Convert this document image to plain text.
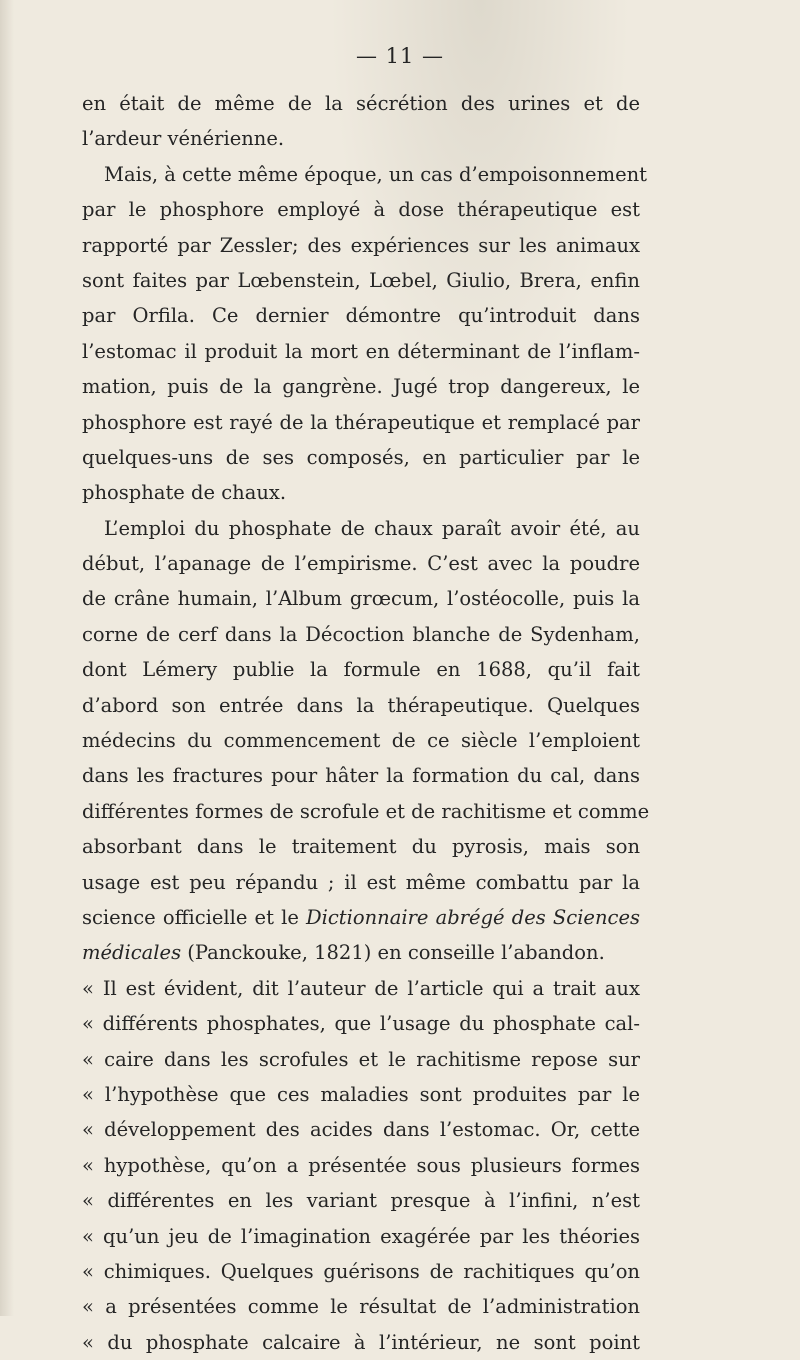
— 11 —
en était de même de la sécrétion des urines et de
l’ardeur vénérienne.
Mais, à cette même époque, un cas d’empoisonnement
par le phosphore employé à dose thérapeutique est
rapporté par Zessler; des expériences sur les animaux
sont faites par Lœbenstein, Lœbel, Giulio, Brera, enfin
par Orfila. Ce dernier démontre qu’introduit dans
l’estomac il produit la mort en déterminant de l’inflam-
mation, puis de la gangrène. Jugé trop dangereux, le
phosphore est rayé de la thérapeutique et remplacé par
quelques-uns de ses composés, en particulier par le
phosphate de chaux.
L’emploi du phosphate de chaux paraît avoir été, au
début, l’apanage de l’empirisme. C’est avec la poudre
de crâne humain, l’Album grœcum, l’ostéocolle, puis la
corne de cerf dans la Décoction blanche de Sydenham,
dont Lémery publie la formule en 1688, qu’il fait
d’abord son entrée dans la thérapeutique. Quelques
médecins du commencement de ce siècle l’emploient
dans les fractures pour hâter la formation du cal, dans
différentes formes de scrofule et de rachitisme et comme
absorbant dans le traitement du pyrosis, mais son
usage est peu répandu ; il est même combattu par la
science officielle et le Dictionnaire abrégé des Sciences
médicales (Panckouke, 1821) en conseille l’abandon.
« Il est évident, dit l’auteur de l’article qui a trait aux
« différents phosphates, que l’usage du phosphate cal-
« caire dans les scrofules et le rachitisme repose sur
« l’hypothèse que ces maladies sont produites par le
« développement des acides dans l’estomac. Or, cette
« hypothèse, qu’on a présentée sous plusieurs formes
« différentes en les variant presque à l’infini, n’est
« qu’un jeu de l’imagination exagérée par les théories
« chimiques. Quelques guérisons de rachitiques qu’on
« a présentées comme le résultat de l’administration
« du phosphate calcaire à l’intérieur, ne sont point
